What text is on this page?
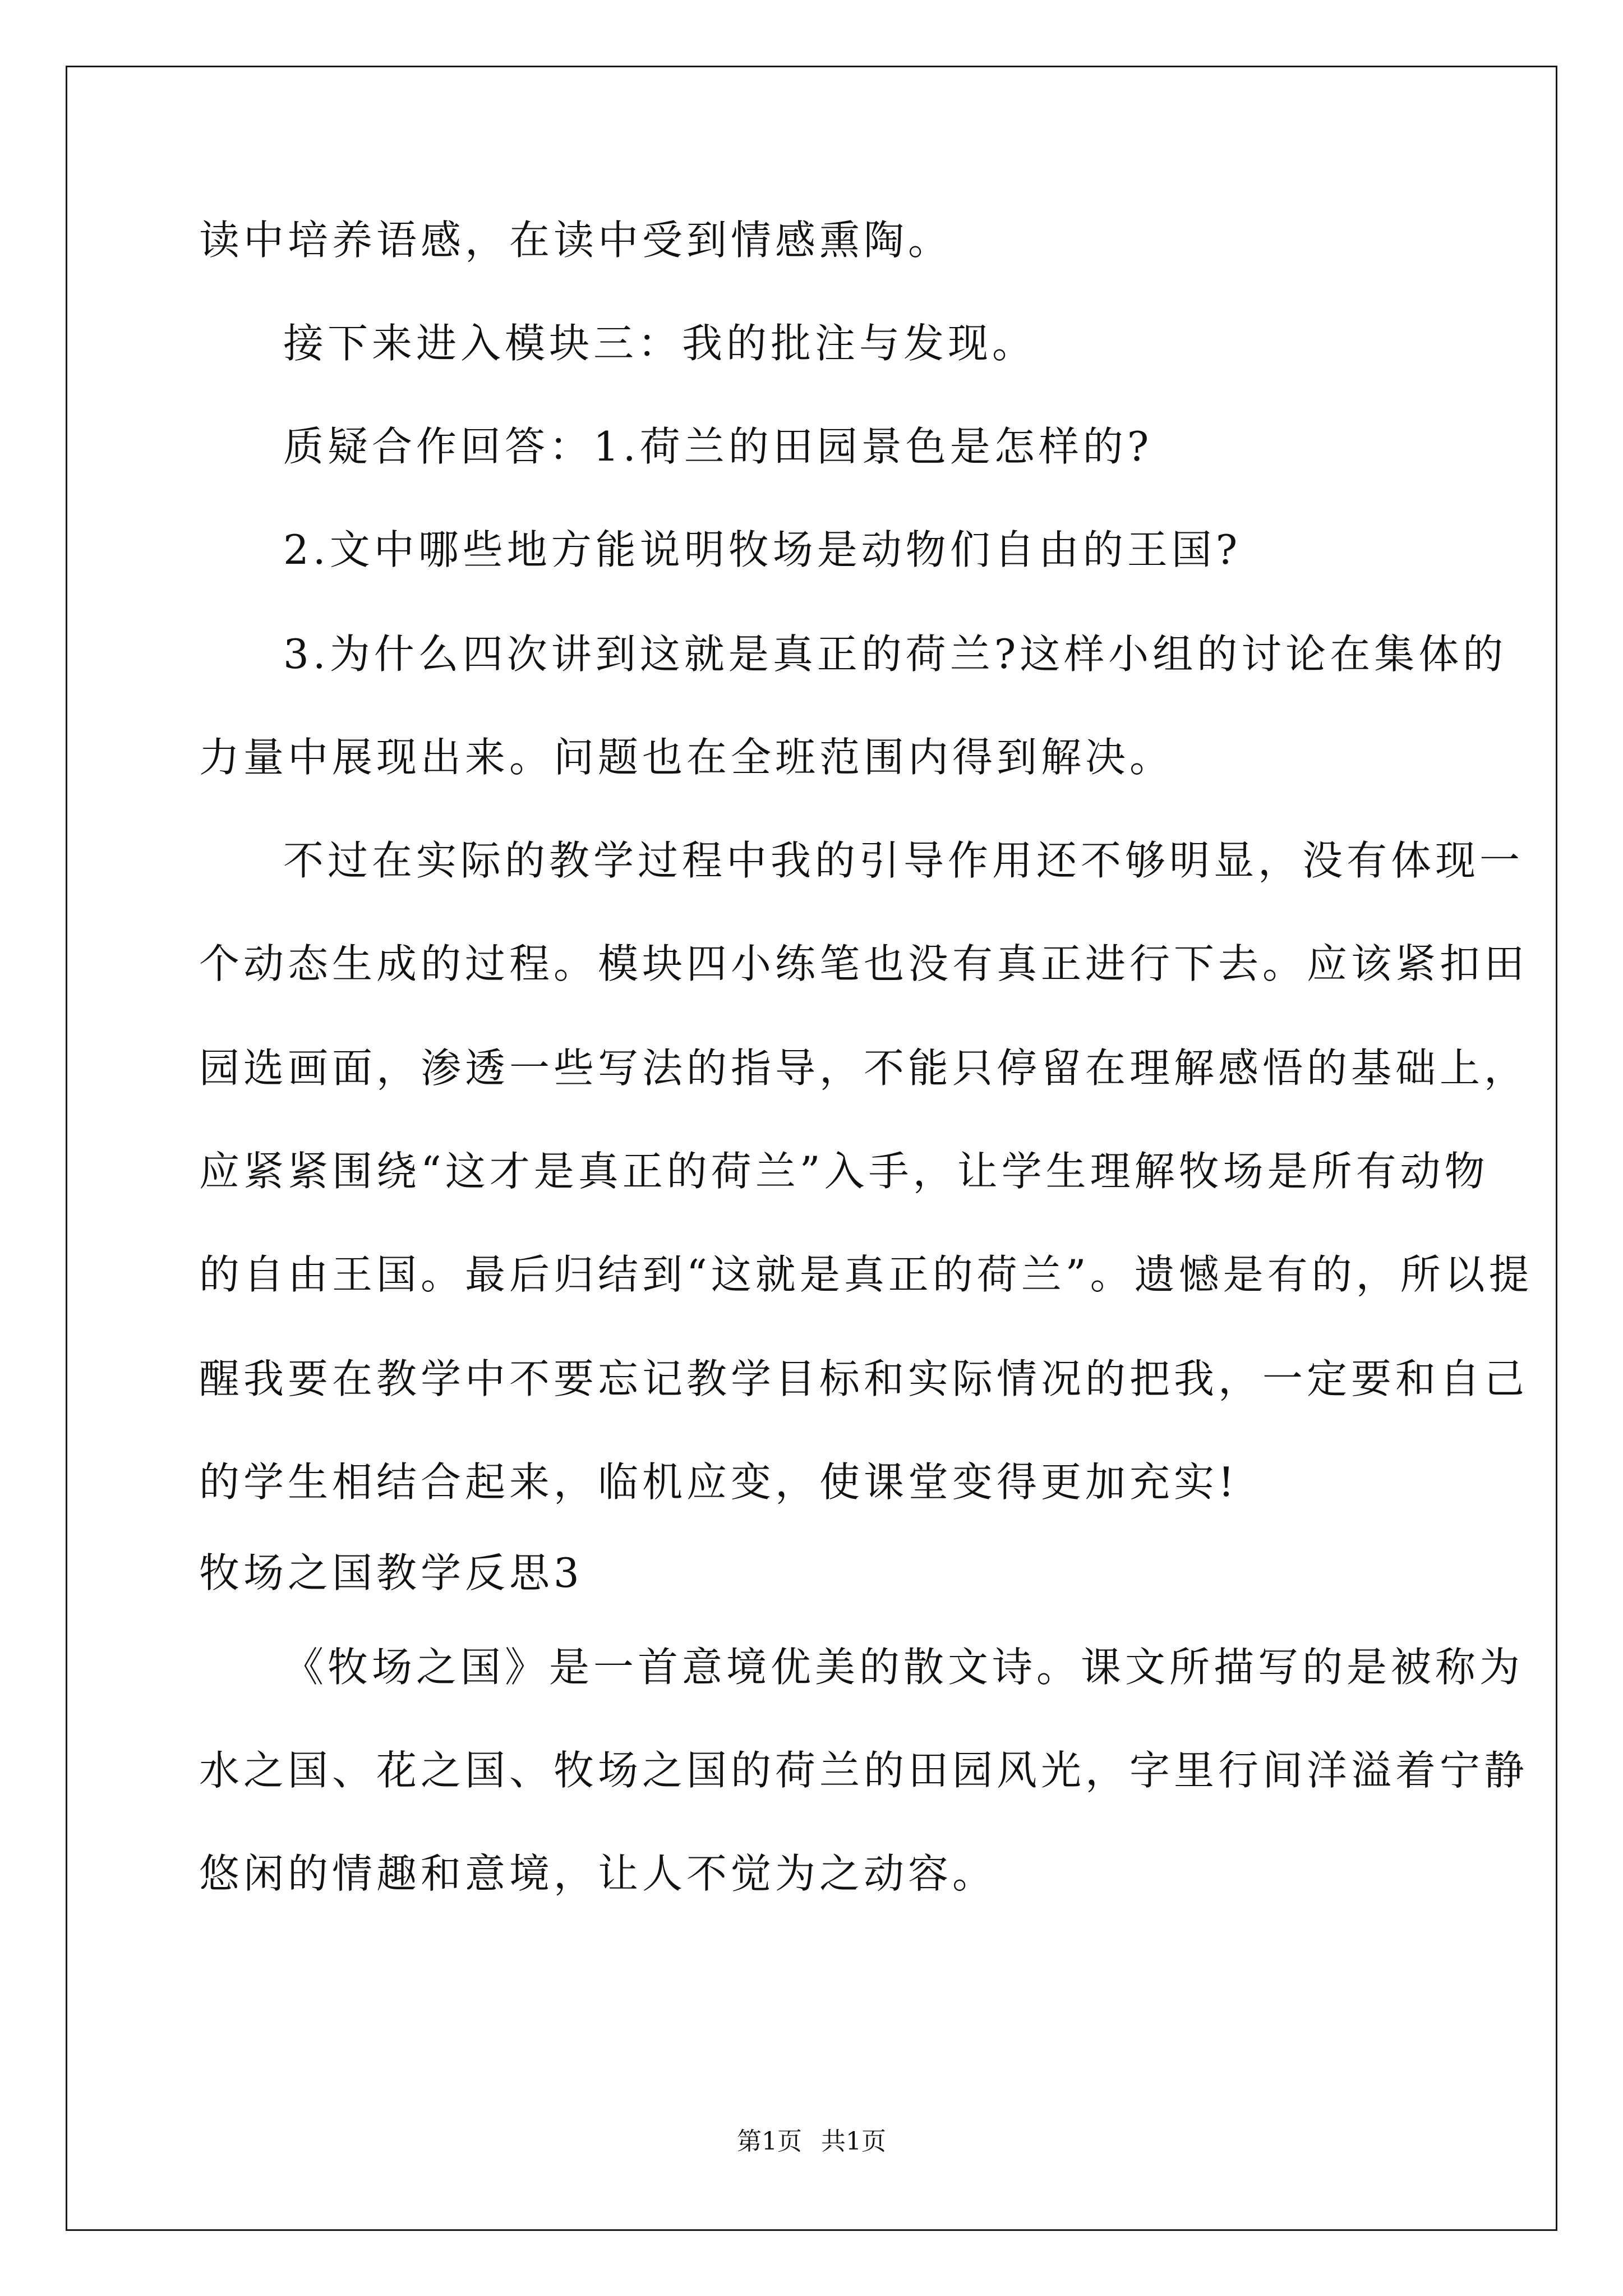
读中培养语感，在读中受到情感熏陶。
接下来进入模块三：我的批注与发现。
质疑合作回答：1.荷兰的田园景色是怎样的?
2.文中哪些地方能说明牧场是动物们自由的王国?
3.为什么四次讲到这就是真正的荷兰?这样小组的讨论在集体的
力量中展现出来。问题也在全班范围内得到解决。
不过在实际的教学过程中我的引导作用还不够明显，没有体现一
个动态生成的过程。模块四小练笔也没有真正进行下去。应该紧扣田
园选画面，渗透一些写法的指导，不能只停留在理解感悟的基础上，
应紧紧围绕“这才是真正的荷兰”入手，让学生理解牧场是所有动物
的自由王国。最后归结到“这就是真正的荷兰”。遗憾是有的，所以提
醒我要在教学中不要忘记教学目标和实际情况的把我，一定要和自己
的学生相结合起来，临机应变，使课堂变得更加充实!
牧场之国教学反思3
《牧场之国》是一首意境优美的散文诗。课文所描写的是被称为
水之国、花之国、牧场之国的荷兰的田园风光，字里行间洋溢着宁静
悠闲的情趣和意境，让人不觉为之动容。
第1页 共1页
